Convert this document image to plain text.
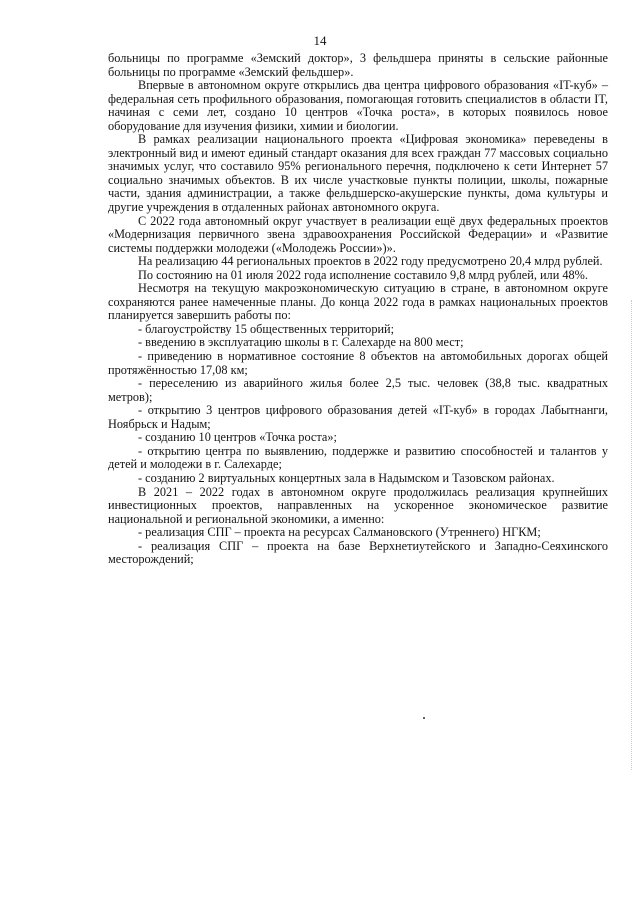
14

больницы по программе «Земский доктор», 3 фельдшера приняты в сельские районные больницы по программе «Земский фельдшер».

Впервые в автономном округе открылись два центра цифрового образования «IT-куб» – федеральная сеть профильного образования, помогающая готовить специалистов в области IT, начиная с семи лет, создано 10 центров «Точка роста», в которых появилось новое оборудование для изучения физики, химии и биологии.

В рамках реализации национального проекта «Цифровая экономика» переведены в электронный вид и имеют единый стандарт оказания для всех граждан 77 массовых социально значимых услуг, что составило 95% регионального перечня, подключено к сети Интернет 57 социально значимых объектов. В их числе участковые пункты полиции, школы, пожарные части, здания администрации, а также фельдшерско-акушерские пункты, дома культуры и другие учреждения в отдаленных районах автономного округа.

С 2022 года автономный округ участвует в реализации ещё двух федеральных проектов «Модернизация первичного звена здравоохранения Российской Федерации» и «Развитие системы поддержки молодежи («Молодежь России»)».

На реализацию 44 региональных проектов в 2022 году предусмотрено 20,4 млрд рублей.

По состоянию на 01 июля 2022 года исполнение составило 9,8 млрд рублей, или 48%.

Несмотря на текущую макроэкономическую ситуацию в стране, в автономном округе сохраняются ранее намеченные планы. До конца 2022 года в рамках национальных проектов планируется завершить работы по:

- благоустройству 15 общественных территорий;

- введению в эксплуатацию школы в г. Салехарде на 800 мест;

- приведению в нормативное состояние 8 объектов на автомобильных дорогах общей протяжённостью 17,08 км;

- переселению из аварийного жилья более 2,5 тыс. человек (38,8 тыс. квадратных метров);

- открытию 3 центров цифрового образования детей «IT-куб» в городах Лабытнанги, Ноябрьск и Надым;

- созданию 10 центров «Точка роста»;

- открытию центра по выявлению, поддержке и развитию способностей и талантов у детей и молодежи в г. Салехарде;

- созданию 2 виртуальных концертных зала в Надымском и Тазовском районах.

В 2021 – 2022 годах в автономном округе продолжилась реализация крупнейших инвестиционных проектов, направленных на ускоренное экономическое развитие национальной и региональной экономики, а именно:

- реализация СПГ – проекта на ресурсах Салмановского (Утреннего) НГКМ;

- реализация СПГ – проекта на базе Верхнетиутейского и Западно-Сеяхинского месторождений;
